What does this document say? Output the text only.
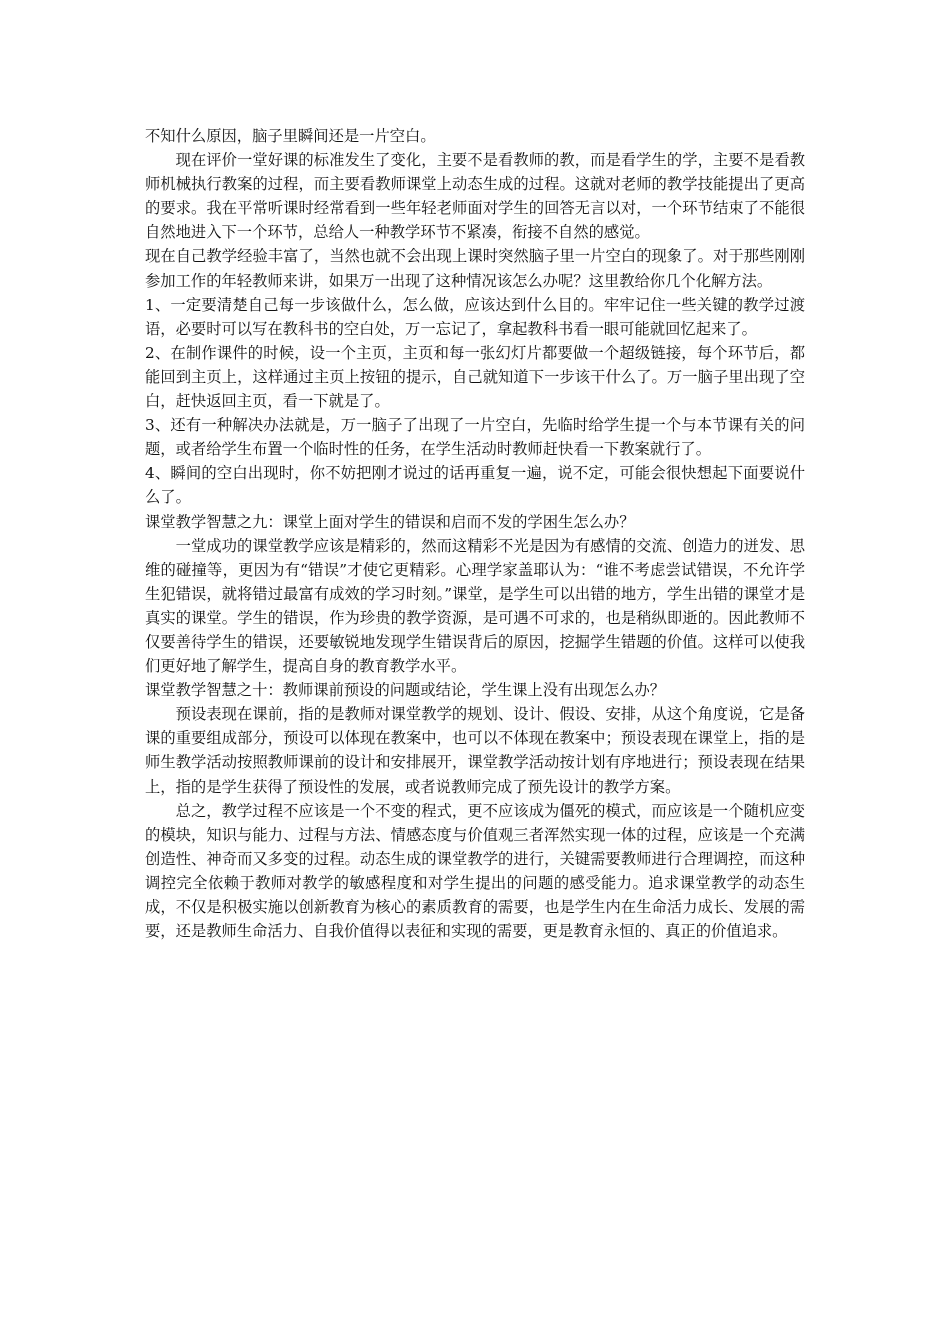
不知什么原因，脑子里瞬间还是一片空白。

现在评价一堂好课的标准发生了变化，主要不是看教师的教，而是看学生的学，主要不是看教师机械执行教案的过程，而主要看教师课堂上动态生成的过程。这就对老师的教学技能提出了更高的要求。我在平常听课时经常看到一些年轻老师面对学生的回答无言以对，一个环节结束了不能很自然地进入下一个环节，总给人一种教学环节不紧凑，衔接不自然的感觉。

现在自己教学经验丰富了，当然也就不会出现上课时突然脑子里一片空白的现象了。对于那些刚刚参加工作的年轻教师来讲，如果万一出现了这种情况该怎么办呢？这里教给你几个化解方法。

1、一定要清楚自己每一步该做什么，怎么做，应该达到什么目的。牢牢记住一些关键的教学过渡语，必要时可以写在教科书的空白处，万一忘记了，拿起教科书看一眼可能就回忆起来了。

2、在制作课件的时候，设一个主页，主页和每一张幻灯片都要做一个超级链接，每个环节后，都能回到主页上，这样通过主页上按钮的提示，自己就知道下一步该干什么了。万一脑子里出现了空白，赶快返回主页，看一下就是了。

3、还有一种解决办法就是，万一脑子了出现了一片空白，先临时给学生提一个与本节课有关的问题，或者给学生布置一个临时性的任务，在学生活动时教师赶快看一下教案就行了。

4、瞬间的空白出现时，你不妨把刚才说过的话再重复一遍，说不定，可能会很快想起下面要说什么了。

课堂教学智慧之九：课堂上面对学生的错误和启而不发的学困生怎么办？

一堂成功的课堂教学应该是精彩的，然而这精彩不光是因为有感情的交流、创造力的迸发、思维的碰撞等，更因为有“错误”才使它更精彩。心理学家盖耶认为：“谁不考虑尝试错误，不允许学生犯错误，就将错过最富有成效的学习时刻。”课堂，是学生可以出错的地方，学生出错的课堂才是真实的课堂。学生的错误，作为珍贵的教学资源，是可遇不可求的，也是稍纵即逝的。因此教师不仅要善待学生的错误，还要敏锐地发现学生错误背后的原因，挖掘学生错题的价值。这样可以使我们更好地了解学生，提高自身的教育教学水平。

课堂教学智慧之十：教师课前预设的问题或结论，学生课上没有出现怎么办？

预设表现在课前，指的是教师对课堂教学的规划、设计、假设、安排，从这个角度说，它是备课的重要组成部分，预设可以体现在教案中，也可以不体现在教案中；预设表现在课堂上，指的是师生教学活动按照教师课前的设计和安排展开，课堂教学活动按计划有序地进行；预设表现在结果上，指的是学生获得了预设性的发展，或者说教师完成了预先设计的教学方案。

总之，教学过程不应该是一个不变的程式，更不应该成为僵死的模式，而应该是一个随机应变的模块，知识与能力、过程与方法、情感态度与价值观三者浑然实现一体的过程，应该是一个充满创造性、神奇而又多变的过程。动态生成的课堂教学的进行，关键需要教师进行合理调控，而这种调控完全依赖于教师对教学的敏感程度和对学生提出的问题的感受能力。追求课堂教学的动态生成，不仅是积极实施以创新教育为核心的素质教育的需要，也是学生内在生命活力成长、发展的需要，还是教师生命活力、自我价值得以表征和实现的需要，更是教育永恒的、真正的价值追求。
